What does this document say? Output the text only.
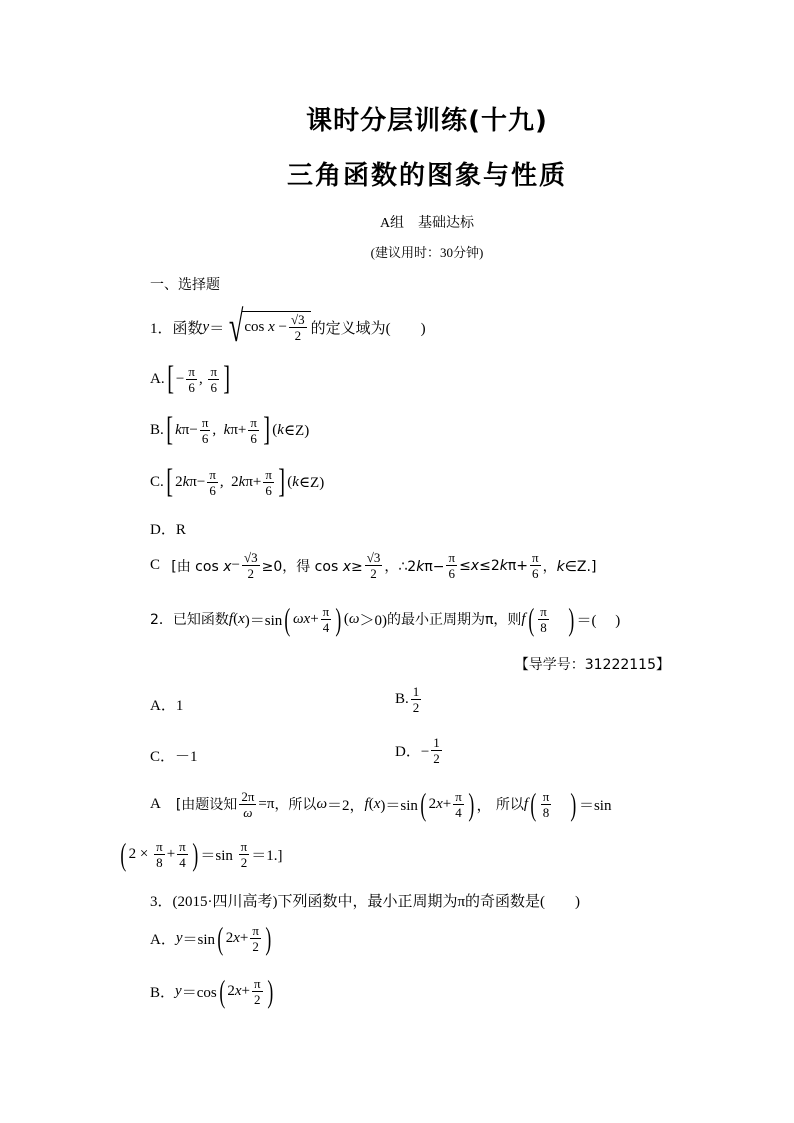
课时分层训练(十九)
三角函数的图象与性质
A组　基础达标
(建议用时：30分钟)
一、选择题
1．函数 y ＝ √ $\cos x - \frac{√3}{2}$ 的定义域为(　　)
A. [ − $\frac{\pi}{6}$ , $\frac{\pi}{6}$ ]
B. [ k $\pi- \frac{\pi}{6}$ , k $\pi+ \frac{\pi}{6}$ ] ( k ∈Z)
C. [ 2 k $\pi- \frac{\pi}{6}$ ,  2 k $\pi+ \frac{\pi}{6}$ ] ( k ∈Z)
D．R
C
[由 $\cos x - \frac{√3}{2} \ge 0$，得 $\cos x\ge \frac{√3}{2}$ ，∴2kπ− $\frac{\pi}{6} \le x\le 2k\pi+ \frac{\pi}{6}$ ，k∈Z.]
2．已知函数 f ( x )＝sin ( $\omega x + \frac{\pi}{4}$ ) ( ω ＞0) 的最小正周期为π，则 f ( $\frac{\pi}{8}$
) ＝(     )
【导学号：31222115】
A．1	B. $\frac{1}{2}$
C．－1	D．− $\frac{1}{2}$
A
[由题设知 $\frac{2\pi}{\omega} =\pi$ ，所以 ω ＝2， f ( x )＝sin ( 2 $x + \frac{\pi}{4}$ ) ， 所以 f ( $\frac{\pi}{8}$
) ＝sin
( $2 \times \frac{\pi}{8} + \frac{\pi}{4}$ ) $=\sin \frac{\pi}{2} =1$.]
3．(2015·四川高考)下列函数中，最小正周期为π的奇函数是(　　)
A． y ＝sin ( 2 $x + \frac{\pi}{2}$ )
B． y ＝cos ( 2 $x + \frac{\pi}{2}$ )
